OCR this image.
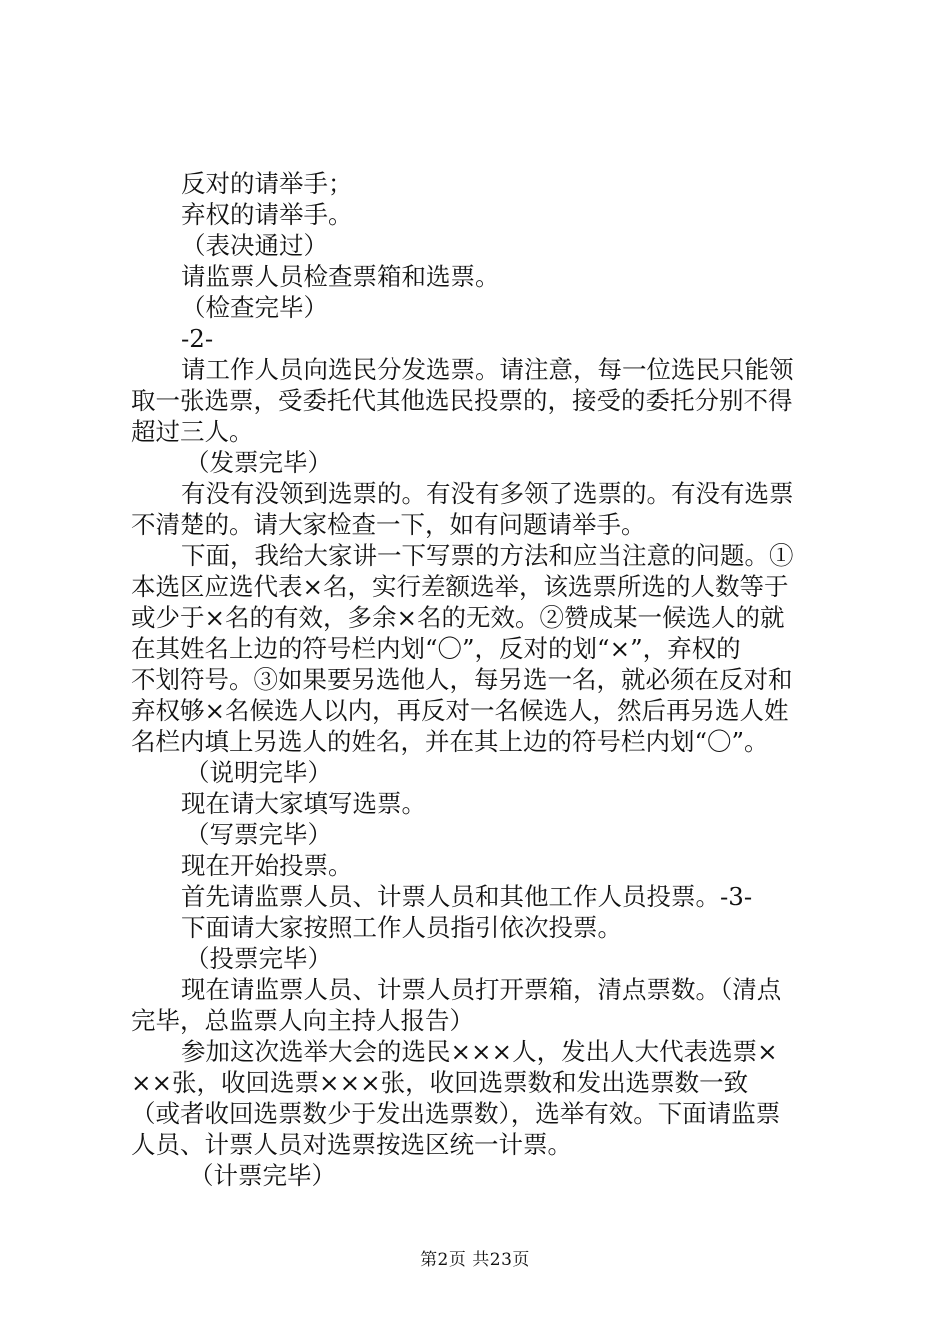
反对的请举手；
弃权的请举手。
（表决通过）
请监票人员检查票箱和选票。
（检查完毕）
-2-
请工作人员向选民分发选票。请注意，每一位选民只能领
取一张选票，受委托代其他选民投票的，接受的委托分别不得
超过三人。
（发票完毕）
有没有没领到选票的。有没有多领了选票的。有没有选票
不清楚的。请大家检查一下，如有问题请举手。
下面，我给大家讲一下写票的方法和应当注意的问题。①
本选区应选代表×名，实行差额选举，该选票所选的人数等于
或少于×名的有效，多余×名的无效。②赞成某一候选人的就
在其姓名上边的符号栏内划“〇”，反对的划“×”，弃权的
不划符号。③如果要另选他人，每另选一名，就必须在反对和
弃权够×名候选人以内，再反对一名候选人，然后再另选人姓
名栏内填上另选人的姓名，并在其上边的符号栏内划“〇”。
（说明完毕）
现在请大家填写选票。
（写票完毕）
现在开始投票。
首先请监票人员、计票人员和其他工作人员投票。-3-
下面请大家按照工作人员指引依次投票。
（投票完毕）
现在请监票人员、计票人员打开票箱，清点票数。（清点
完毕，总监票人向主持人报告）
参加这次选举大会的选民×××人，发出人大代表选票×
××张，收回选票×××张，收回选票数和发出选票数一致
（或者收回选票数少于发出选票数），选举有效。下面请监票
人员、计票人员对选票按选区统一计票。
（计票完毕）
第2页 共23页
